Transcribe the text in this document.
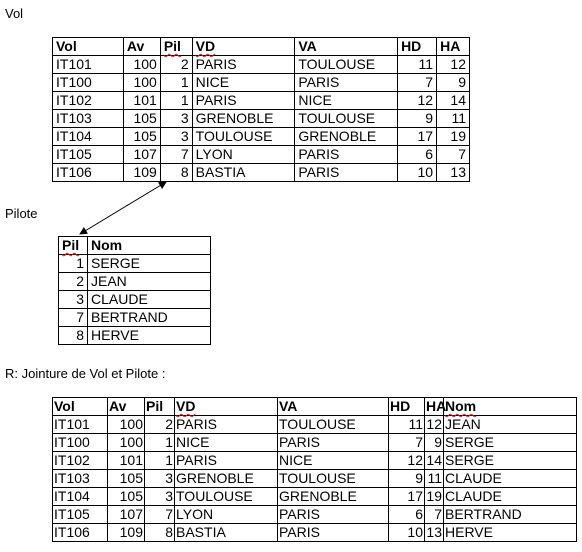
Vol
Vol	Av	Pil	VD	VA	HD	HA
IT101	100	2	PARIS	TOULOUSE	11	12
IT100	100	1	NICE	PARIS	7	9
IT102	101	1	PARIS	NICE	12	14
IT103	105	3	GRENOBLE	TOULOUSE	9	11
IT104	105	3	TOULOUSE	GRENOBLE	17	19
IT105	107	7	LYON	PARIS	6	7
IT106	109	8	BASTIA	PARIS	10	13
Pilote
Pil	Nom
1	SERGE
2	JEAN
3	CLAUDE
7	BERTRAND
8	HERVE
R: Jointure de Vol et Pilote :
Vol	Av	Pil	VD	VA	HD	HA	Nom
IT101	100	2	PARIS	TOULOUSE	11	12	JEAN
IT100	100	1	NICE	PARIS	7	9	SERGE
IT102	101	1	PARIS	NICE	12	14	SERGE
IT103	105	3	GRENOBLE	TOULOUSE	9	11	CLAUDE
IT104	105	3	TOULOUSE	GRENOBLE	17	19	CLAUDE
IT105	107	7	LYON	PARIS	6	7	BERTRAND
IT106	109	8	BASTIA	PARIS	10	13	HERVE
